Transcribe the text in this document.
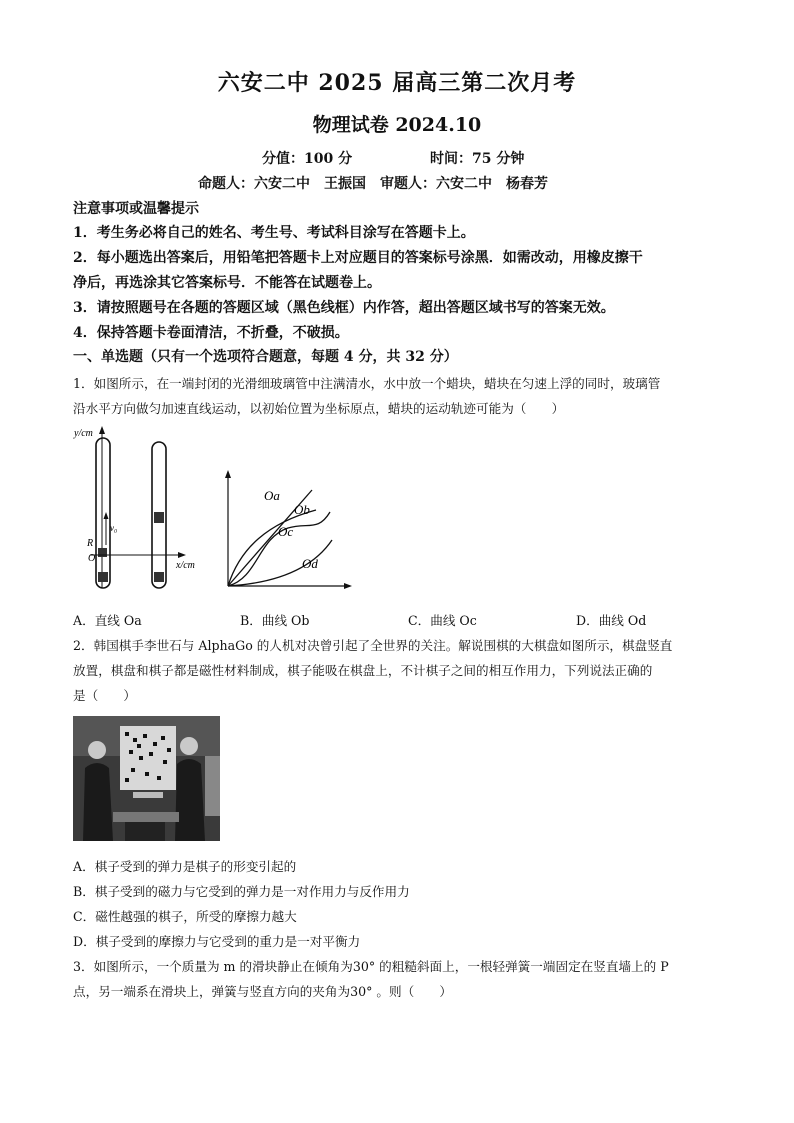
六安二中 2025 届高三第二次月考
物理试卷 2024.10
分值：100 分	时间：75 分钟
命题人：六安二中　王振国　审题人：六安二中　杨春芳
注意事项或温馨提示
1．考生务必将自己的姓名、考生号、考试科目涂写在答题卡上。
2．每小题选出答案后，用铅笔把答题卡上对应题目的答案标号涂黑．如需改动，用橡皮擦干
净后，再选涂其它答案标号．不能答在试题卷上。
3．请按照题号在各题的答题区域（黑色线框）内作答，超出答题区域书写的答案无效。
4．保持答题卡卷面清洁，不折叠，不破损。
一、单选题（只有一个选项符合题意，每题 4 分，共 32 分）
1．如图所示，在一端封闭的光滑细玻璃管中注满清水，水中放一个蜡块，蜡块在匀速上浮的同时，玻璃管
沿水平方向做匀加速直线运动，以初始位置为坐标原点，蜡块的运动轨迹可能为（　　）
y/cm
v₀
R
O
x/cm
Oa
Ob
Oc
Od
A．直线 Oa	B．曲线 Ob	C．曲线 Oc	D．曲线 Od
2．韩国棋手李世石与 AlphaGo 的人机对决曾引起了全世界的关注。解说围棋的大棋盘如图所示，棋盘竖直
放置，棋盘和棋子都是磁性材料制成，棋子能吸在棋盘上，不计棋子之间的相互作用力，下列说法正确的
是（　　）
A．棋子受到的弹力是棋子的形变引起的
B．棋子受到的磁力与它受到的弹力是一对作用力与反作用力
C．磁性越强的棋子，所受的摩擦力越大
D．棋子受到的摩擦力与它受到的重力是一对平衡力
3．如图所示，一个质量为 m 的滑块静止在倾角为30° 的粗糙斜面上，一根轻弹簧一端固定在竖直墙上的 P
点，另一端系在滑块上，弹簧与竖直方向的夹角为30° 。则（　　）
